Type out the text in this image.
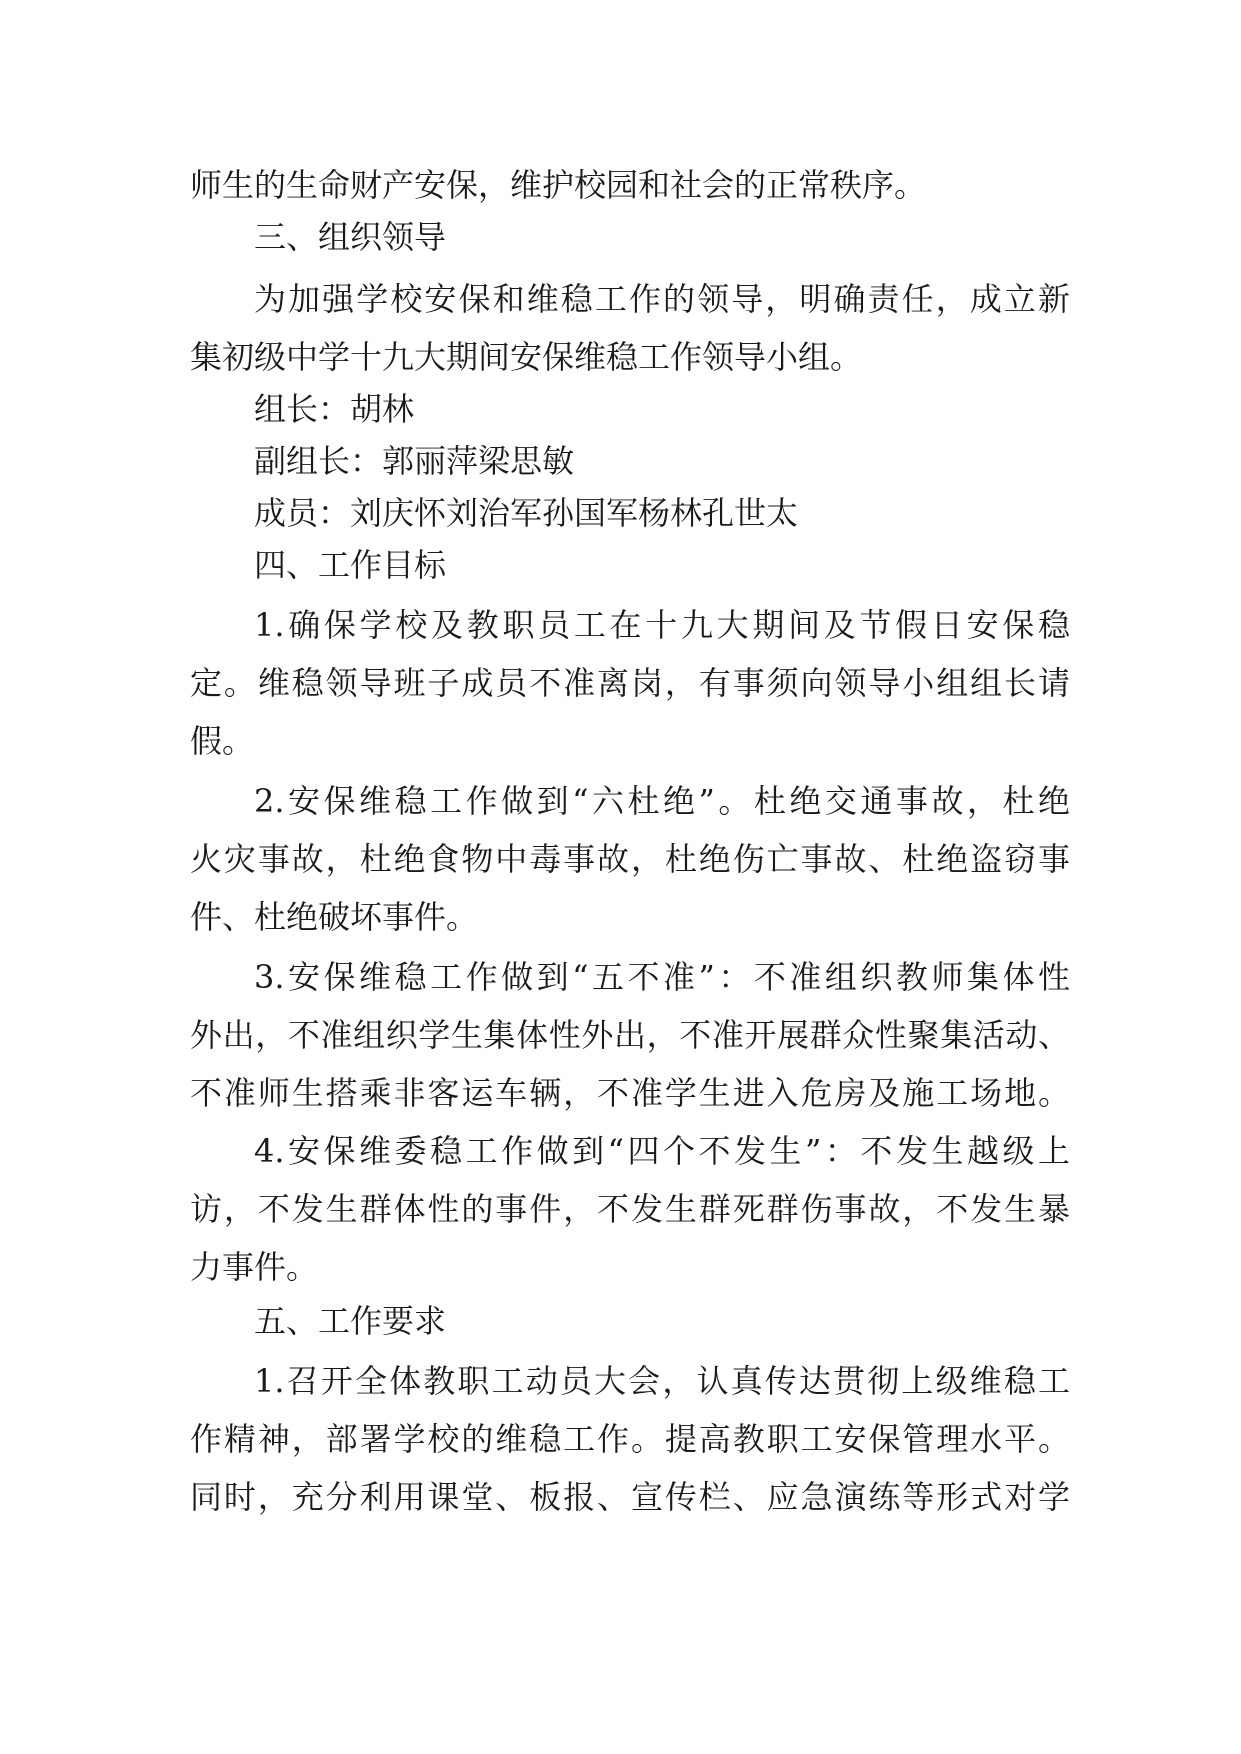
师生的生命财产安保，维护校园和社会的正常秩序。
三、组织领导
为加强学校安保和维稳工作的领导，明确责任，成立新
集初级中学十九大期间安保维稳工作领导小组。
组长：胡林
副组长：郭丽萍梁思敏
成员：刘庆怀刘治军孙国军杨林孔世太
四、工作目标
1.确保学校及教职员工在十九大期间及节假日安保稳
定。维稳领导班子成员不准离岗，有事须向领导小组组长请
假。
2.安保维稳工作做到“六杜绝”。杜绝交通事故，杜绝
火灾事故，杜绝食物中毒事故，杜绝伤亡事故、杜绝盗窃事
件、杜绝破坏事件。
3.安保维稳工作做到“五不准”：不准组织教师集体性
外出，不准组织学生集体性外出，不准开展群众性聚集活动、
不准师生搭乘非客运车辆，不准学生进入危房及施工场地。
4.安保维委稳工作做到“四个不发生”：不发生越级上
访，不发生群体性的事件，不发生群死群伤事故，不发生暴
力事件。
五、工作要求
1.召开全体教职工动员大会，认真传达贯彻上级维稳工
作精神，部署学校的维稳工作。提高教职工安保管理水平。
同时，充分利用课堂、板报、宣传栏、应急演练等形式对学
